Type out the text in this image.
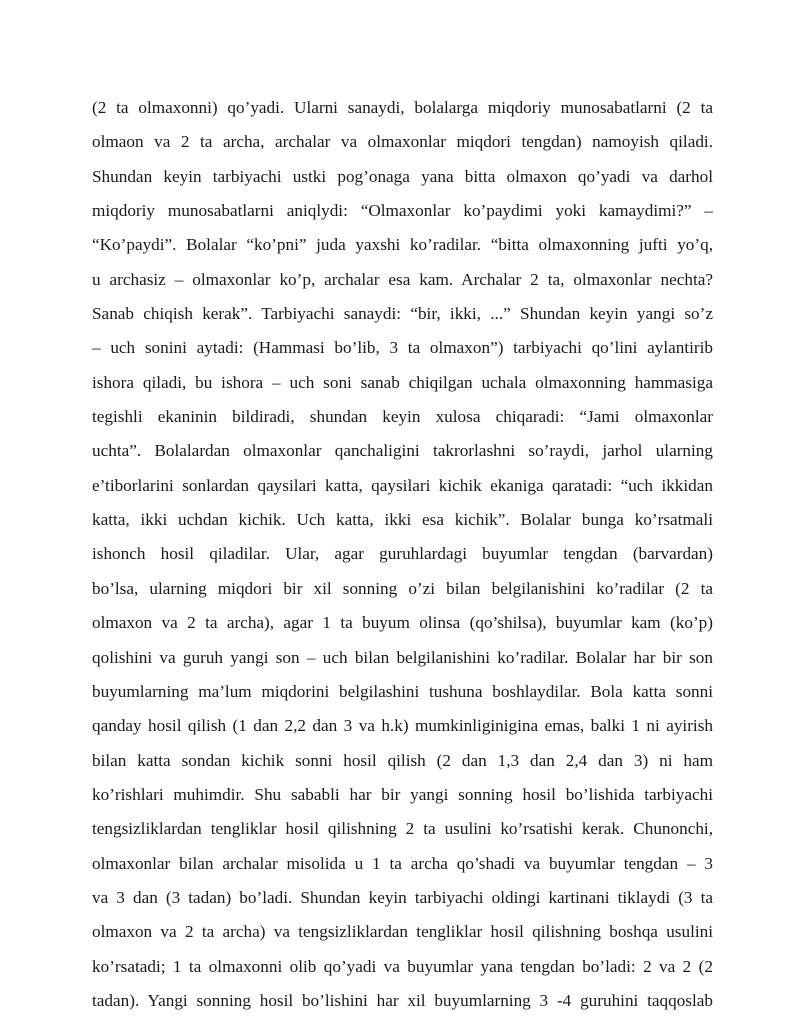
(2 ta olmaxonni) qo’yadi. Ularni sanaydi, bolalarga miqdoriy munosabatlarni (2 ta
olmaon va 2 ta archa, archalar va olmaxonlar miqdori tengdan) namoyish qiladi.
Shundan keyin tarbiyachi ustki pog’onaga yana bitta olmaxon qo’yadi va darhol
miqdoriy munosabatlarni aniqlydi: “Olmaxonlar ko’paydimi yoki kamaydimi?” –
“Ko’paydi”. Bolalar “ko’pni” juda yaxshi ko’radilar. “bitta olmaxonning jufti yo’q,
u archasiz – olmaxonlar ko’p, archalar esa kam. Archalar 2 ta, olmaxonlar nechta?
Sanab chiqish kerak”. Tarbiyachi sanaydi: “bir, ikki, ...” Shundan keyin yangi so’z
– uch sonini aytadi: (Hammasi bo’lib, 3 ta olmaxon”) tarbiyachi qo’lini aylantirib
ishora qiladi, bu ishora – uch soni sanab chiqilgan uchala olmaxonning hammasiga
tegishli ekaninin bildiradi, shundan keyin xulosa chiqaradi: “Jami olmaxonlar
uchta”. Bolalardan olmaxonlar qanchaligini takrorlashni so’raydi, jarhol ularning
e’tiborlarini sonlardan qaysilari katta, qaysilari kichik ekaniga qaratadi: “uch ikkidan
katta, ikki uchdan kichik. Uch katta, ikki esa kichik”. Bolalar bunga ko’rsatmali
ishonch hosil qiladilar. Ular, agar guruhlardagi buyumlar tengdan (barvardan)
bo’lsa, ularning miqdori bir xil sonning o’zi bilan belgilanishini ko’radilar (2 ta
olmaxon va 2 ta archa), agar 1 ta buyum olinsa (qo’shilsa), buyumlar kam (ko’p)
qolishini va guruh yangi son – uch bilan belgilanishini ko’radilar. Bolalar har bir son
buyumlarning ma’lum miqdorini belgilashini tushuna boshlaydilar. Bola katta sonni
qanday hosil qilish (1 dan 2,2 dan 3 va h.k) mumkinliginigina emas, balki 1 ni ayirish
bilan katta sondan kichik sonni hosil qilish (2 dan 1,3 dan 2,4 dan 3) ni ham
ko’rishlari muhimdir. Shu sababli har bir yangi sonning hosil bo’lishida tarbiyachi
tengsizliklardan tengliklar hosil qilishning 2 ta usulini ko’rsatishi kerak. Chunonchi,
olmaxonlar bilan archalar misolida u 1 ta archa qo’shadi va buyumlar tengdan – 3
va 3 dan (3 tadan) bo’ladi. Shundan keyin tarbiyachi oldingi kartinani tiklaydi (3 ta
olmaxon va 2 ta archa) va tengsizliklardan tengliklar hosil qilishning boshqa usulini
ko’rsatadi; 1 ta olmaxonni olib qo’yadi va buyumlar yana tengdan bo’ladi: 2 va 2 (2
tadan). Yangi sonning hosil bo’lishini har xil buyumlarning 3 -4 guruhini taqqoslab
